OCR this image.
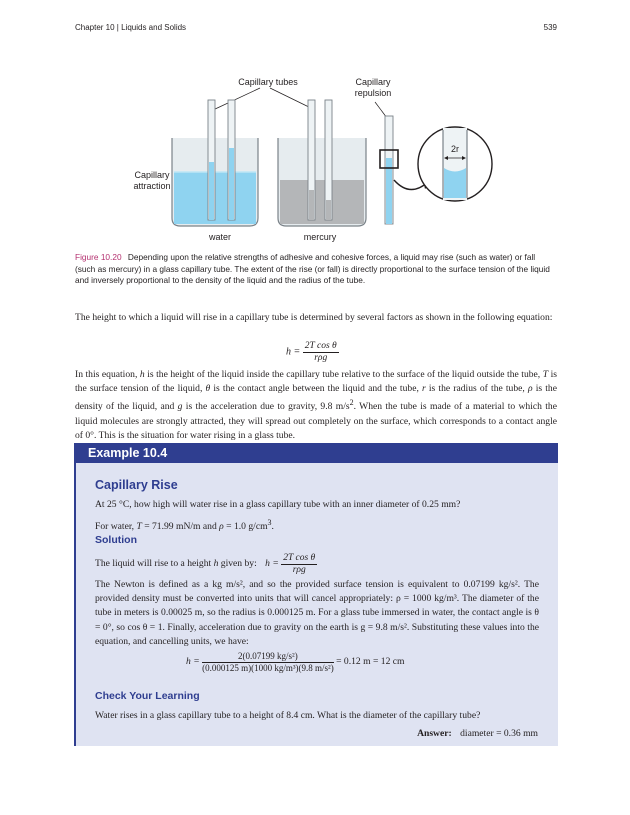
Chapter 10 | Liquids and Solids	539
Capillary tubes	Capillary
repulsion
Capillary
attraction
water	mercury
2r
Figure 10.20 Depending upon the relative strengths of adhesive and cohesive forces, a liquid may rise (such as water) or fall (such as mercury) in a glass capillary tube. The extent of the rise (or fall) is directly proportional to the surface tension of the liquid and inversely proportional to the density of the liquid and the radius of the tube.
The height to which a liquid will rise in a capillary tube is determined by several factors as shown in the following equation:
$h = \frac{\text{2T cos θ}}{\text{rρg}}$
In this equation, h is the height of the liquid inside the capillary tube relative to the surface of the liquid outside the tube, T is the surface tension of the liquid, θ is the contact angle between the liquid and the tube, r is the radius of the tube, ρ is the density of the liquid, and g is the acceleration due to gravity, 9.8 $m/s^2$. When the tube is made of a material to which the liquid molecules are strongly attracted, they will spread out completely on the surface, which corresponds to a contact angle of 0°. This is the situation for water rising in a glass tube.
Example 10.4
Capillary Rise
At 25 °C, how high will water rise in a glass capillary tube with an inner diameter of 0.25 mm?
For water, T = 71.99 mN/m and ρ = 1.0 $g/cm^3$.
Solution
The liquid will rise to a height h given by: $h = \frac{\text{2T cos θ}}{\text{rρg}}$
The Newton is defined as a kg m/s², and so the provided surface tension is equivalent to 0.07199 kg/s². The provided density must be converted into units that will cancel appropriately: ρ = 1000 kg/m³. The diameter of the tube in meters is 0.00025 m, so the radius is 0.000125 m. For a glass tube immersed in water, the contact angle is θ = 0°, so cos θ = 1. Finally, acceleration due to gravity on the earth is g = 9.8 m/s². Substituting these values into the equation, and cancelling units, we have:
$h = \frac{\text{2(0.07199 kg/s²)}}{\text{(0.000125 m)(1000 kg/m³)(9.8 m/s²)}} = 0.12$ m = 12 cm
Check Your Learning
Water rises in a glass capillary tube to a height of 8.4 cm. What is the diameter of the capillary tube?
Answer: diameter = 0.36 mm
